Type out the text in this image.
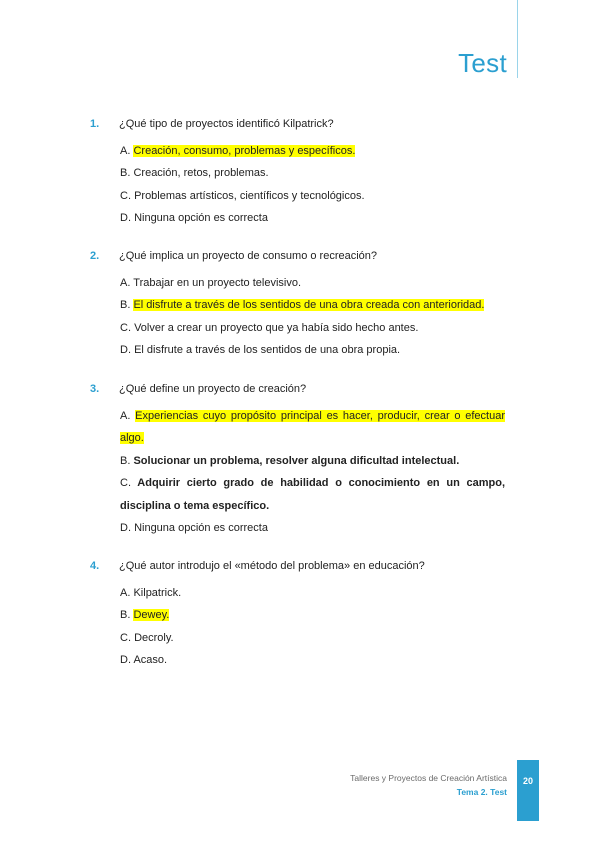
Test
1.	¿Qué tipo de proyectos identificó Kilpatrick?
A. Creación, consumo, problemas y específicos.
B. Creación, retos, problemas.
C. Problemas artísticos, científicos y tecnológicos.
D. Ninguna opción es correcta
2.	¿Qué implica un proyecto de consumo o recreación?
A. Trabajar en un proyecto televisivo.
B. El disfrute a través de los sentidos de una obra creada con anterioridad.
C. Volver a crear un proyecto que ya había sido hecho antes.
D. El disfrute a través de los sentidos de una obra propia.
3.	¿Qué define un proyecto de creación?
A. Experiencias cuyo propósito principal es hacer, producir, crear o efectuar algo.
B. Solucionar un problema, resolver alguna dificultad intelectual.
C. Adquirir cierto grado de habilidad o conocimiento en un campo, disciplina o tema específico.
D. Ninguna opción es correcta
4.	¿Qué autor introdujo el «método del problema» en educación?
A. Kilpatrick.
B. Dewey.
C. Decroly.
D. Acaso.
Talleres y Proyectos de Creación Artística
Tema 2. Test
20
